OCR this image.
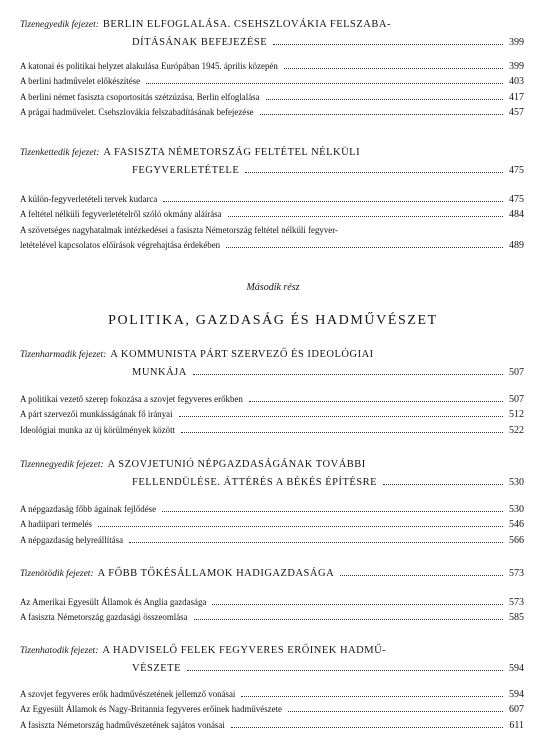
Tizenegyedik fejezet: BERLIN ELFOGLALÁSA. CSEHSZLOVÁKIA FELSZABA-
DÍTÁSÁNAK BEFEJEZÉSE	399
A katonai és politikai helyzet alakulása Európában 1945. április közepén	399
A berlini hadművelet előkészítése	403
A berlini német fasiszta csoportosítás szétzúzása. Berlin elfoglalása	417
A prágai hadművelet. Csehszlovákia felszabadításának befejezése	457
Tizenkettedik fejezet: A FASISZTA NÉMETORSZÁG FELTÉTEL NÉLKÜLI
FEGYVERLETÉTELE	475
A külön-fegyverletételi tervek kudarca	475
A feltétel nélküli fegyverletételről szóló okmány aláírása	484
A szövetséges nagyhatalmak intézkedései a fasiszta Németország feltétel nélküli fegyver-
letételével kapcsolatos előírások végrehajtása érdekében	489
Második rész
POLITIKA, GAZDASÁG ÉS HADMŰVÉSZET
Tizenharmadik fejezet: A KOMMUNISTA PÁRT SZERVEZŐ ÉS IDEOLÓGIAI
MUNKÁJA	507
A politikai vezető szerep fokozása a szovjet fegyveres erőkben	507
A párt szervezői munkásságának fő irányai	512
Ideológiai munka az új körülmények között	522
Tizennegyedik fejezet: A SZOVJETUNIÓ NÉPGAZDASÁGÁNAK TOVÁBBI
FELLENDÜLÉSE. ÁTTÉRÉS A BÉKÉS ÉPÍTÉSRE	530
A népgazdaság főbb ágainak fejlődése	530
A hadiipari termelés	546
A népgazdaság helyreállítása	566
Tizenötödik fejezet: A FŐBB TŐKÉSÁLLAMOK HADIGAZDASÁGA	573
Az Amerikai Egyesült Államok és Anglia gazdasága	573
A fasiszta Németország gazdasági összeomlása	585
Tizenhatodik fejezet: A HADVISELŐ FELEK FEGYVERES ERŐINEK HADMŰ-
VÉSZETE	594
A szovjet fegyveres erők hadművészetének jellemző vonásai	594
Az Egyesült Államok és Nagy-Britannia fegyveres erőinek hadművészete	607
A fasiszta Németország hadművészetének sajátos vonásai	611
